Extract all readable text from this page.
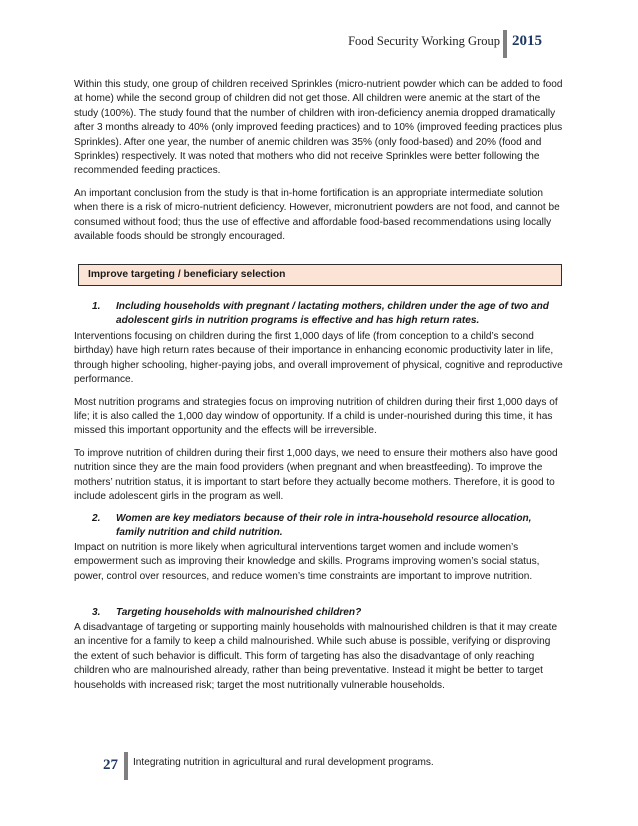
Food Security Working Group 2015

Within this study, one group of children received Sprinkles (micro-nutrient powder which can be added to food at home) while the second group of children did not get those. All children were anemic at the start of the study (100%). The study found that the number of children with iron-deficiency anemia dropped dramatically after 3 months already to 40% (only improved feeding practices) and to 10% (improved feeding practices plus Sprinkles). After one year, the number of anemic children was 35% (only food-based) and 20% (food and Sprinkles) respectively. It was noted that mothers who did not receive Sprinkles were better following the recommended feeding practices.

An important conclusion from the study is that in-home fortification is an appropriate intermediate solution when there is a risk of micro-nutrient deficiency. However, micronutrient powders are not food, and cannot be consumed without food; thus the use of effective and affordable food-based recommendations using locally available foods should be strongly encouraged.

Improve targeting / beneficiary selection
1. Including households with pregnant / lactating mothers, children under the age of two and adolescent girls in nutrition programs is effective and has high return rates.

Interventions focusing on children during the first 1,000 days of life (from conception to a child’s second birthday) have high return rates because of their importance in enhancing economic productivity later in life, through higher schooling, higher-paying jobs, and overall improvement of physical, cognitive and reproductive performance.

Most nutrition programs and strategies focus on improving nutrition of children during their first 1,000 days of life; it is also called the 1,000 day window of opportunity. If a child is under-nourished during this time, it has missed this important opportunity and the effects will be irreversible.

To improve nutrition of children during their first 1,000 days, we need to ensure their mothers also have good nutrition since they are the main food providers (when pregnant and when breastfeeding). To improve the mothers’ nutrition status, it is important to start before they actually become mothers. Therefore, it is good to include adolescent girls in the program as well.

2. Women are key mediators because of their role in intra-household resource allocation, family nutrition and child nutrition.

Impact on nutrition is more likely when agricultural interventions target women and include women’s empowerment such as improving their knowledge and skills. Programs improving women’s social status, power, control over resources, and reduce women’s time constraints are important to improve nutrition.

3. Targeting households with malnourished children?

A disadvantage of targeting or supporting mainly households with malnourished children is that it may create an incentive for a family to keep a child malnourished. While such abuse is possible, verifying or disproving the extent of such behavior is difficult. This form of targeting has also the disadvantage of only reaching children who are malnourished already, rather than being preventative. Instead it might be better to target households with increased risk; target the most nutritionally vulnerable households.

27 Integrating nutrition in agricultural and rural development programs.
